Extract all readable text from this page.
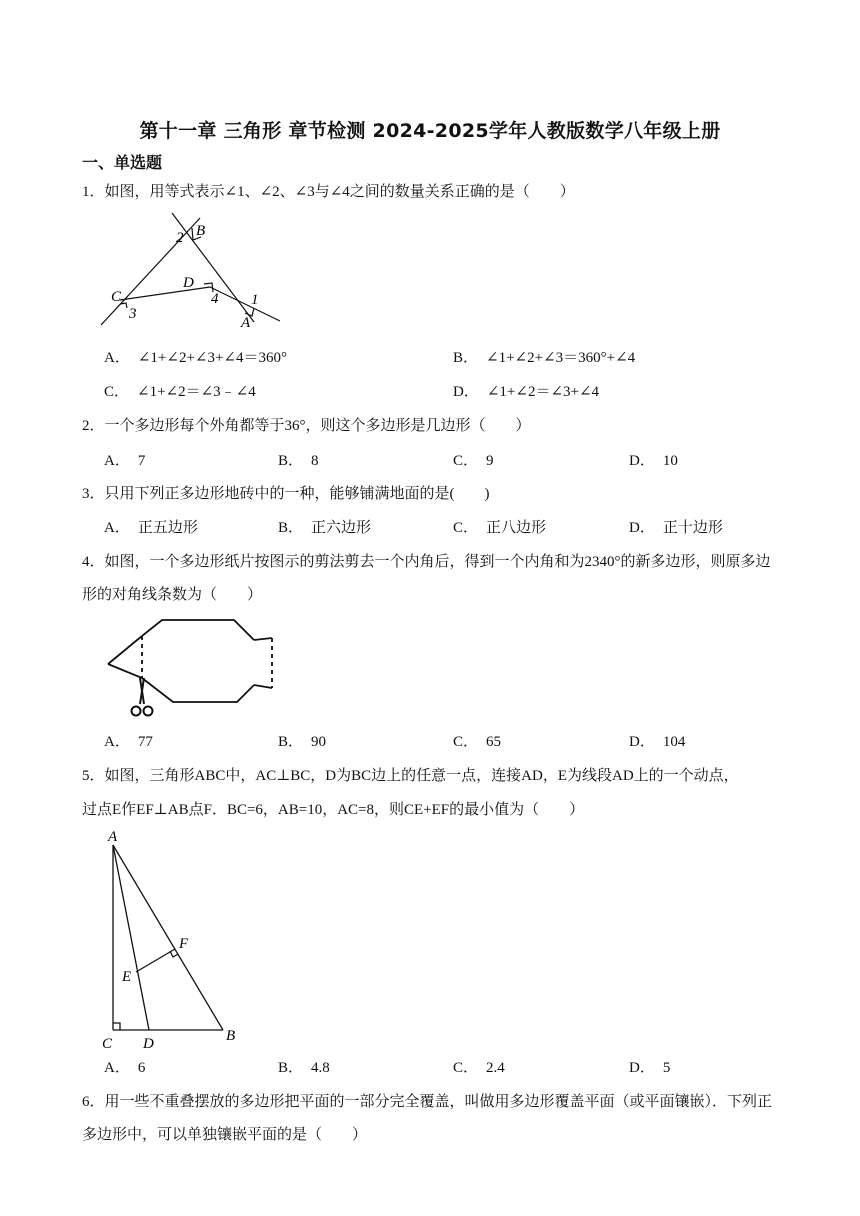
第十一章 三角形 章节检测 2024-2025学年人教版数学八年级上册
一、单选题
1．如图，用等式表示∠1、∠2、∠3与∠4之间的数量关系正确的是（　　）
B
2
C
3
D
4 1
A
A． ∠1+∠2+∠3+∠4＝360°	B． ∠1+∠2+∠3＝360°+∠4
C． ∠1+∠2＝∠3﹣∠4	D． ∠1+∠2＝∠3+∠4
2．一个多边形每个外角都等于36°，则这个多边形是几边形（　　）
A． 7	B． 8	C． 9	D． 10
3．只用下列正多边形地砖中的一种，能够铺满地面的是(　　)
A． 正五边形	B． 正六边形	C． 正八边形	D． 正十边形
4．如图，一个多边形纸片按图示的剪法剪去一个内角后，得到一个内角和为2340°的新多边形，则原多边
形的对角线条数为（　　）
A． 77	B． 90	C． 65	D． 104
5．如图，三角形ABC中，AC⊥BC，D为BC边上的任意一点，连接AD，E为线段AD上的一个动点，
过点E作EF⊥AB点F．BC=6，AB=10，AC=8，则CE+EF的最小值为（　　）
A
F
E
C D	B
A． 6	B． 4.8	C． 2.4	D． 5
6．用一些不重叠摆放的多边形把平面的一部分完全覆盖，叫做用多边形覆盖平面（或平面镶嵌）．下列正
多边形中，可以单独镶嵌平面的是（　　）
